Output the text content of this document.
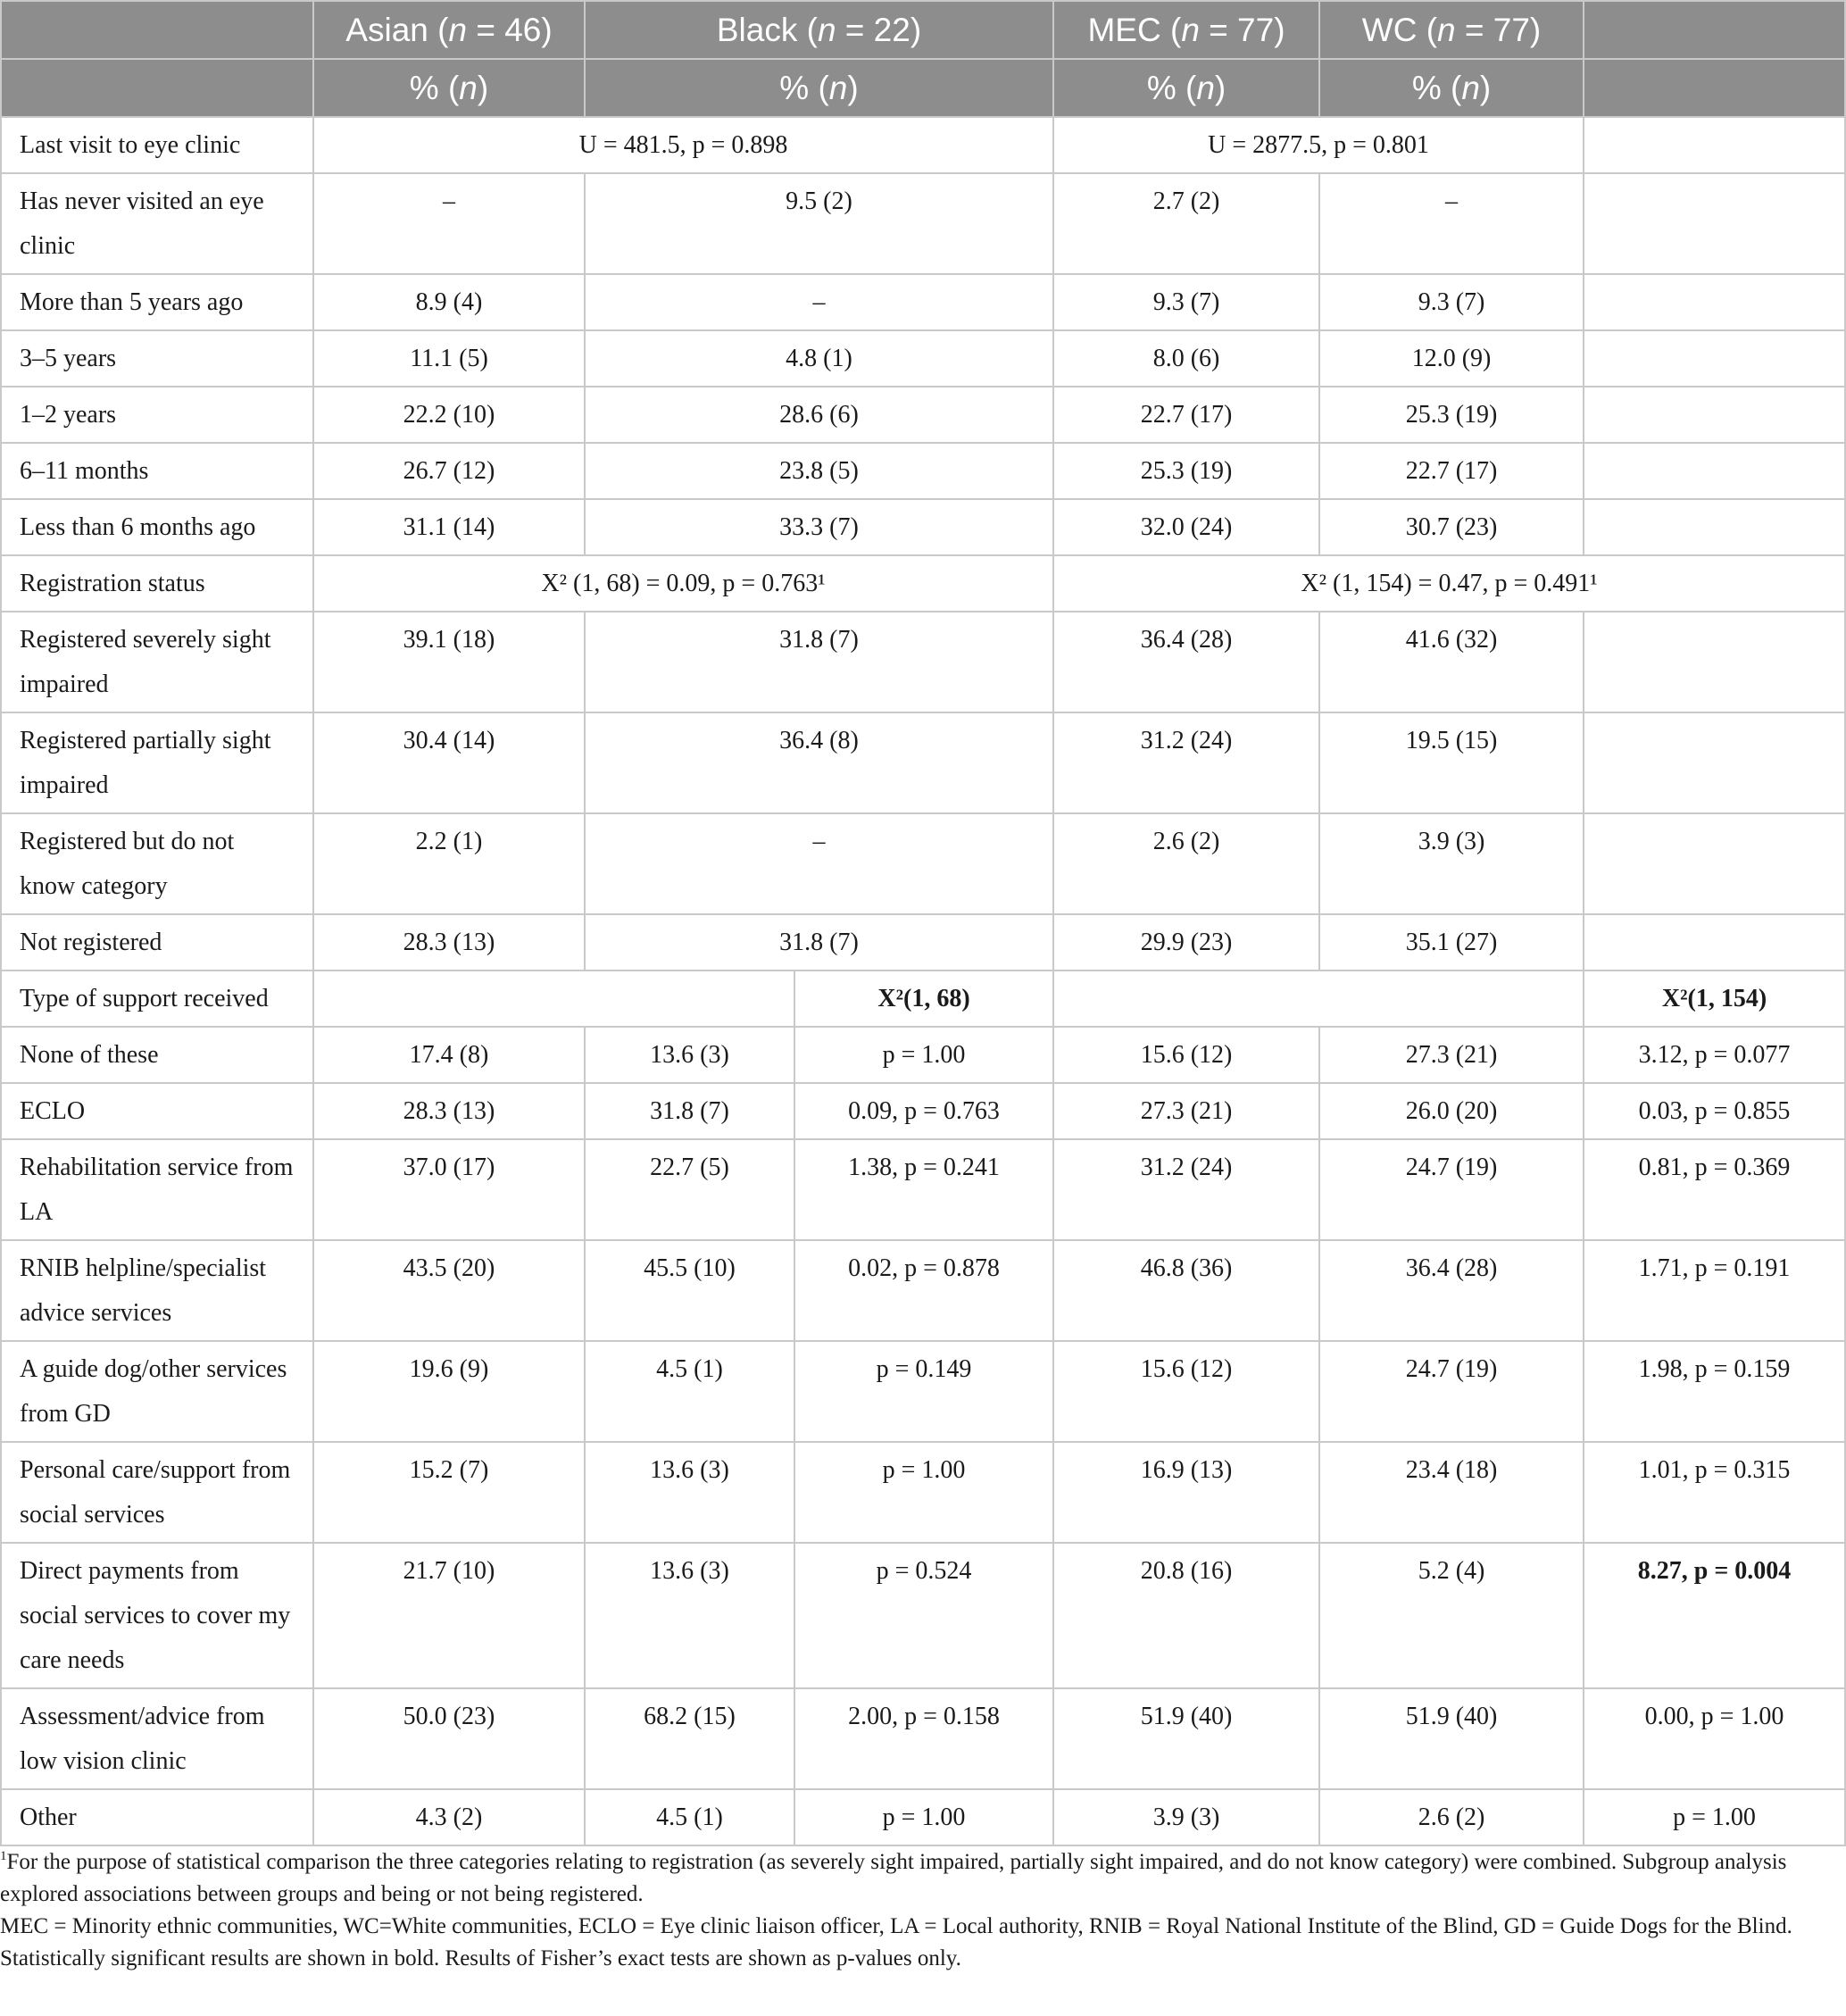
	Asian (n = 46)	Black (n = 22)		MEC (n = 77)	WC (n = 77)	
	% (n)	% (n)		% (n)	% (n)	
Last visit to eye clinic	U = 481.5, p = 0.898			U = 2877.5, p = 0.801		
Has never visited an eye clinic	–	9.5 (2)		2.7 (2)	–	
More than 5 years ago	8.9 (4)	–		9.3 (7)	9.3 (7)	
3–5 years	11.1 (5)	4.8 (1)		8.0 (6)	12.0 (9)	
1–2 years	22.2 (10)	28.6 (6)		22.7 (17)	25.3 (19)	
6–11 months	26.7 (12)	23.8 (5)		25.3 (19)	22.7 (17)	
Less than 6 months ago	31.1 (14)	33.3 (7)		32.0 (24)	30.7 (23)	
Registration status	X² (1, 68) = 0.09, p = 0.763¹			X² (1, 154) = 0.47, p = 0.491¹		
Registered severely sight impaired	39.1 (18)	31.8 (7)		36.4 (28)	41.6 (32)	
Registered partially sight impaired	30.4 (14)	36.4 (8)		31.2 (24)	19.5 (15)	
Registered but do not know category	2.2 (1)	–		2.6 (2)	3.9 (3)	
Not registered	28.3 (13)	31.8 (7)		29.9 (23)	35.1 (27)	
Type of support received			X²(1, 68)			X²(1, 154)
None of these	17.4 (8)	13.6 (3)	p = 1.00	15.6 (12)	27.3 (21)	3.12, p = 0.077
ECLO	28.3 (13)	31.8 (7)	0.09, p = 0.763	27.3 (21)	26.0 (20)	0.03, p = 0.855
Rehabilitation service from LA	37.0 (17)	22.7 (5)	1.38, p = 0.241	31.2 (24)	24.7 (19)	0.81, p = 0.369
RNIB helpline/specialist advice services	43.5 (20)	45.5 (10)	0.02, p = 0.878	46.8 (36)	36.4 (28)	1.71, p = 0.191
A guide dog/other services from GD	19.6 (9)	4.5 (1)	p = 0.149	15.6 (12)	24.7 (19)	1.98, p = 0.159
Personal care/support from social services	15.2 (7)	13.6 (3)	p = 1.00	16.9 (13)	23.4 (18)	1.01, p = 0.315
Direct payments from social services to cover my care needs	21.7 (10)	13.6 (3)	p = 0.524	20.8 (16)	5.2 (4)	8.27, p = 0.004
Assessment/advice from low vision clinic	50.0 (23)	68.2 (15)	2.00, p = 0.158	51.9 (40)	51.9 (40)	0.00, p = 1.00
Other	4.3 (2)	4.5 (1)	p = 1.00	3.9 (3)	2.6 (2)	p = 1.00

$^1$For the purpose of statistical comparison the three categories relating to registration (as severely sight impaired, partially sight impaired, and do not know category) were combined. Subgroup analysis explored associations between groups and being or not being registered.

MEC = Minority ethnic communities, WC=White communities, ECLO = Eye clinic liaison officer, LA = Local authority, RNIB = Royal National Institute of the Blind, GD = Guide Dogs for the Blind. Statistically significant results are shown in bold. Results of Fisher’s exact tests are shown as p-values only.
